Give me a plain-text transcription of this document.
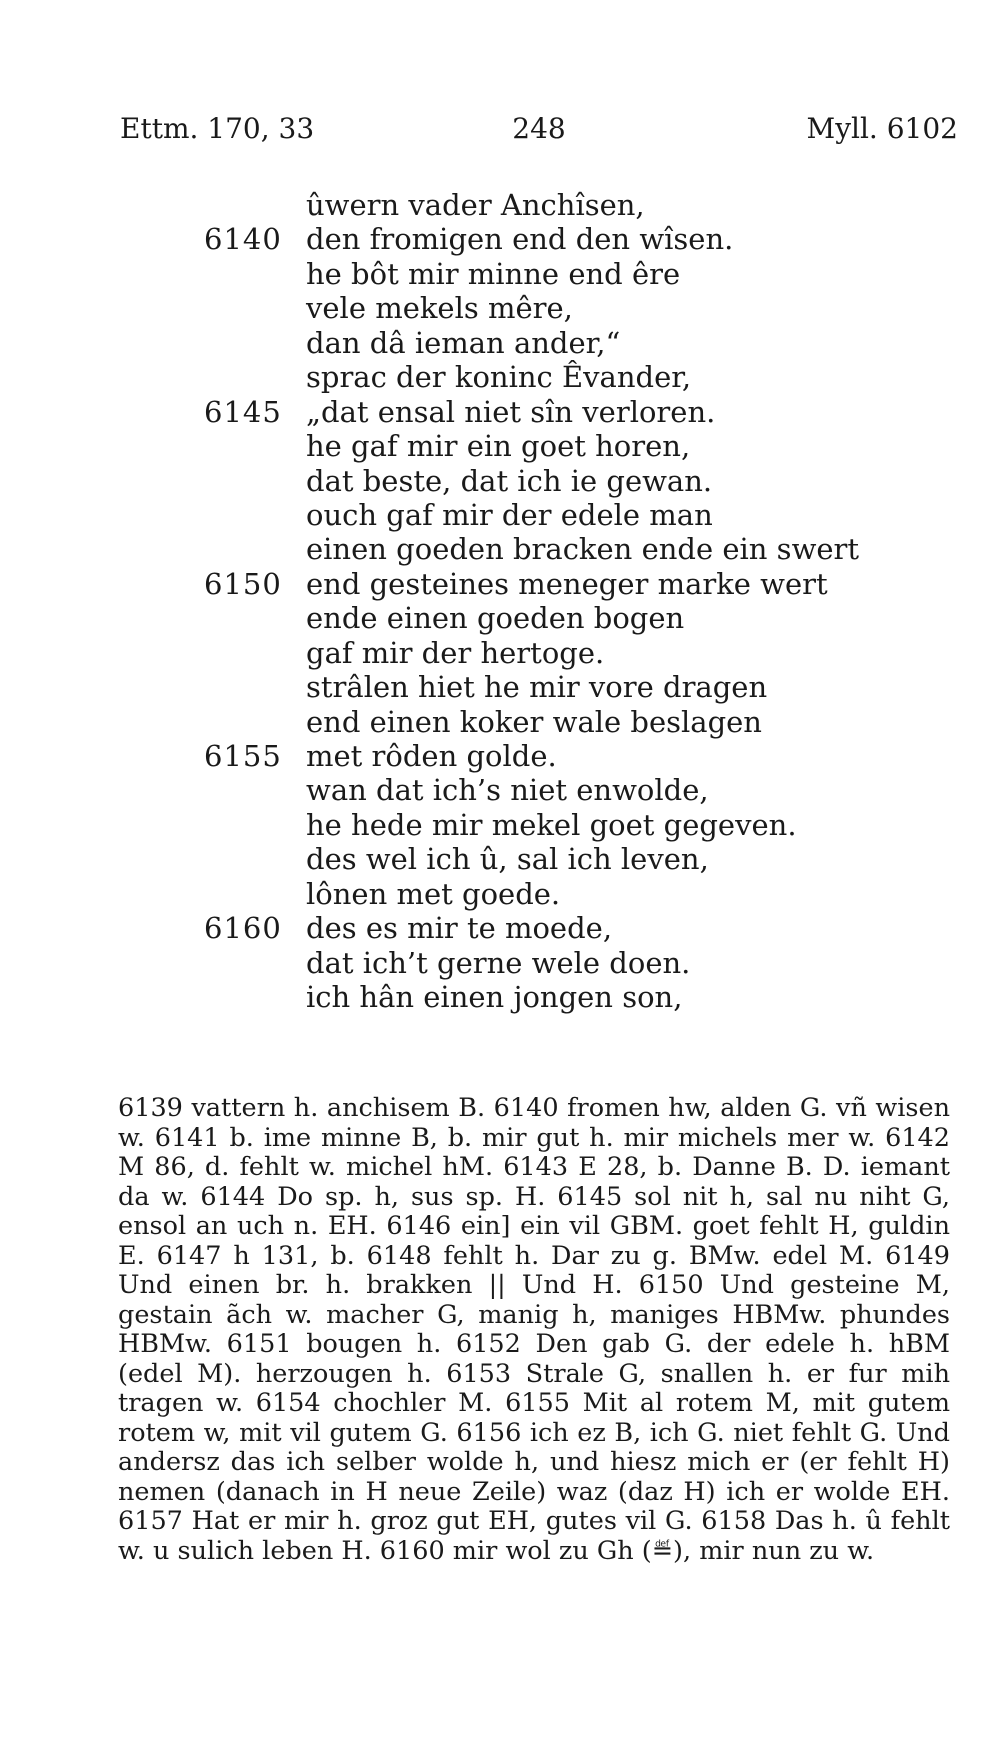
Ettm. 170, 33	248	Myll. 6102
ûwern vader Anchîsen,
6140 den fromigen end den wîsen.
he bôt mir minne end êre
vele mekels mêre,
dan dâ ieman ander,“
sprac der koninc Êvander,
6145 „dat ensal niet sîn verloren.
he gaf mir ein goet horen,
dat beste, dat ich ie gewan.
ouch gaf mir der edele man
einen goeden bracken ende ein swert
6150 end gesteines meneger marke wert
ende einen goeden bogen
gaf mir der hertoge.
strâlen hiet he mir vore dragen
end einen koker wale beslagen
6155 met rôden golde.
wan dat ich’s niet enwolde,
he hede mir mekel goet gegeven.
des wel ich û, sal ich leven,
lônen met goede.
6160 des es mir te moede,
dat ich’t gerne wele doen.
ich hân einen jongen son,

6139 vattern h. anchisem B. 6140 fromen hw, alden G. vñ wisen w. 6141 b. ime minne B, b. mir gut h. mir michels mer w. 6142 M 86, d. fehlt w. michel hM. 6143 E 28, b. Danne B. D. iemant da w. 6144 Do sp. h, sus sp. H. 6145 sol nit h, sal nu niht G, ensol an uch n. EH. 6146 ein] ein vil GBM. goet fehlt H, guldin E. 6147 h 131, b. 6148 fehlt h. Dar zu g. BMw. edel M. 6149 Und einen br. h. brakken || Und H. 6150 Und gesteine M, gestain ãch w. macher G, manig h, maniges HBMw. phundes HBMw. 6151 bougen h. 6152 Den gab G. der edele h. hBM (edel M). herzougen h. 6153 Strale G, snallen h. er fur mih tragen w. 6154 chochler M. 6155 Mit al rotem M, mit gutem rotem w, mit vil gutem G. 6156 ich ez B, ich G. niet fehlt G. Und andersz das ich selber wolde h, und hiesz mich er (er fehlt H) nemen (danach in H neue Zeile) waz (daz H) ich er wolde EH. 6157 Hat er mir h. groz gut EH, gutes vil G. 6158 Das h. û fehlt w. u sulich leben H. 6160 mir wol zu Gh (≝), mir nun zu w.
